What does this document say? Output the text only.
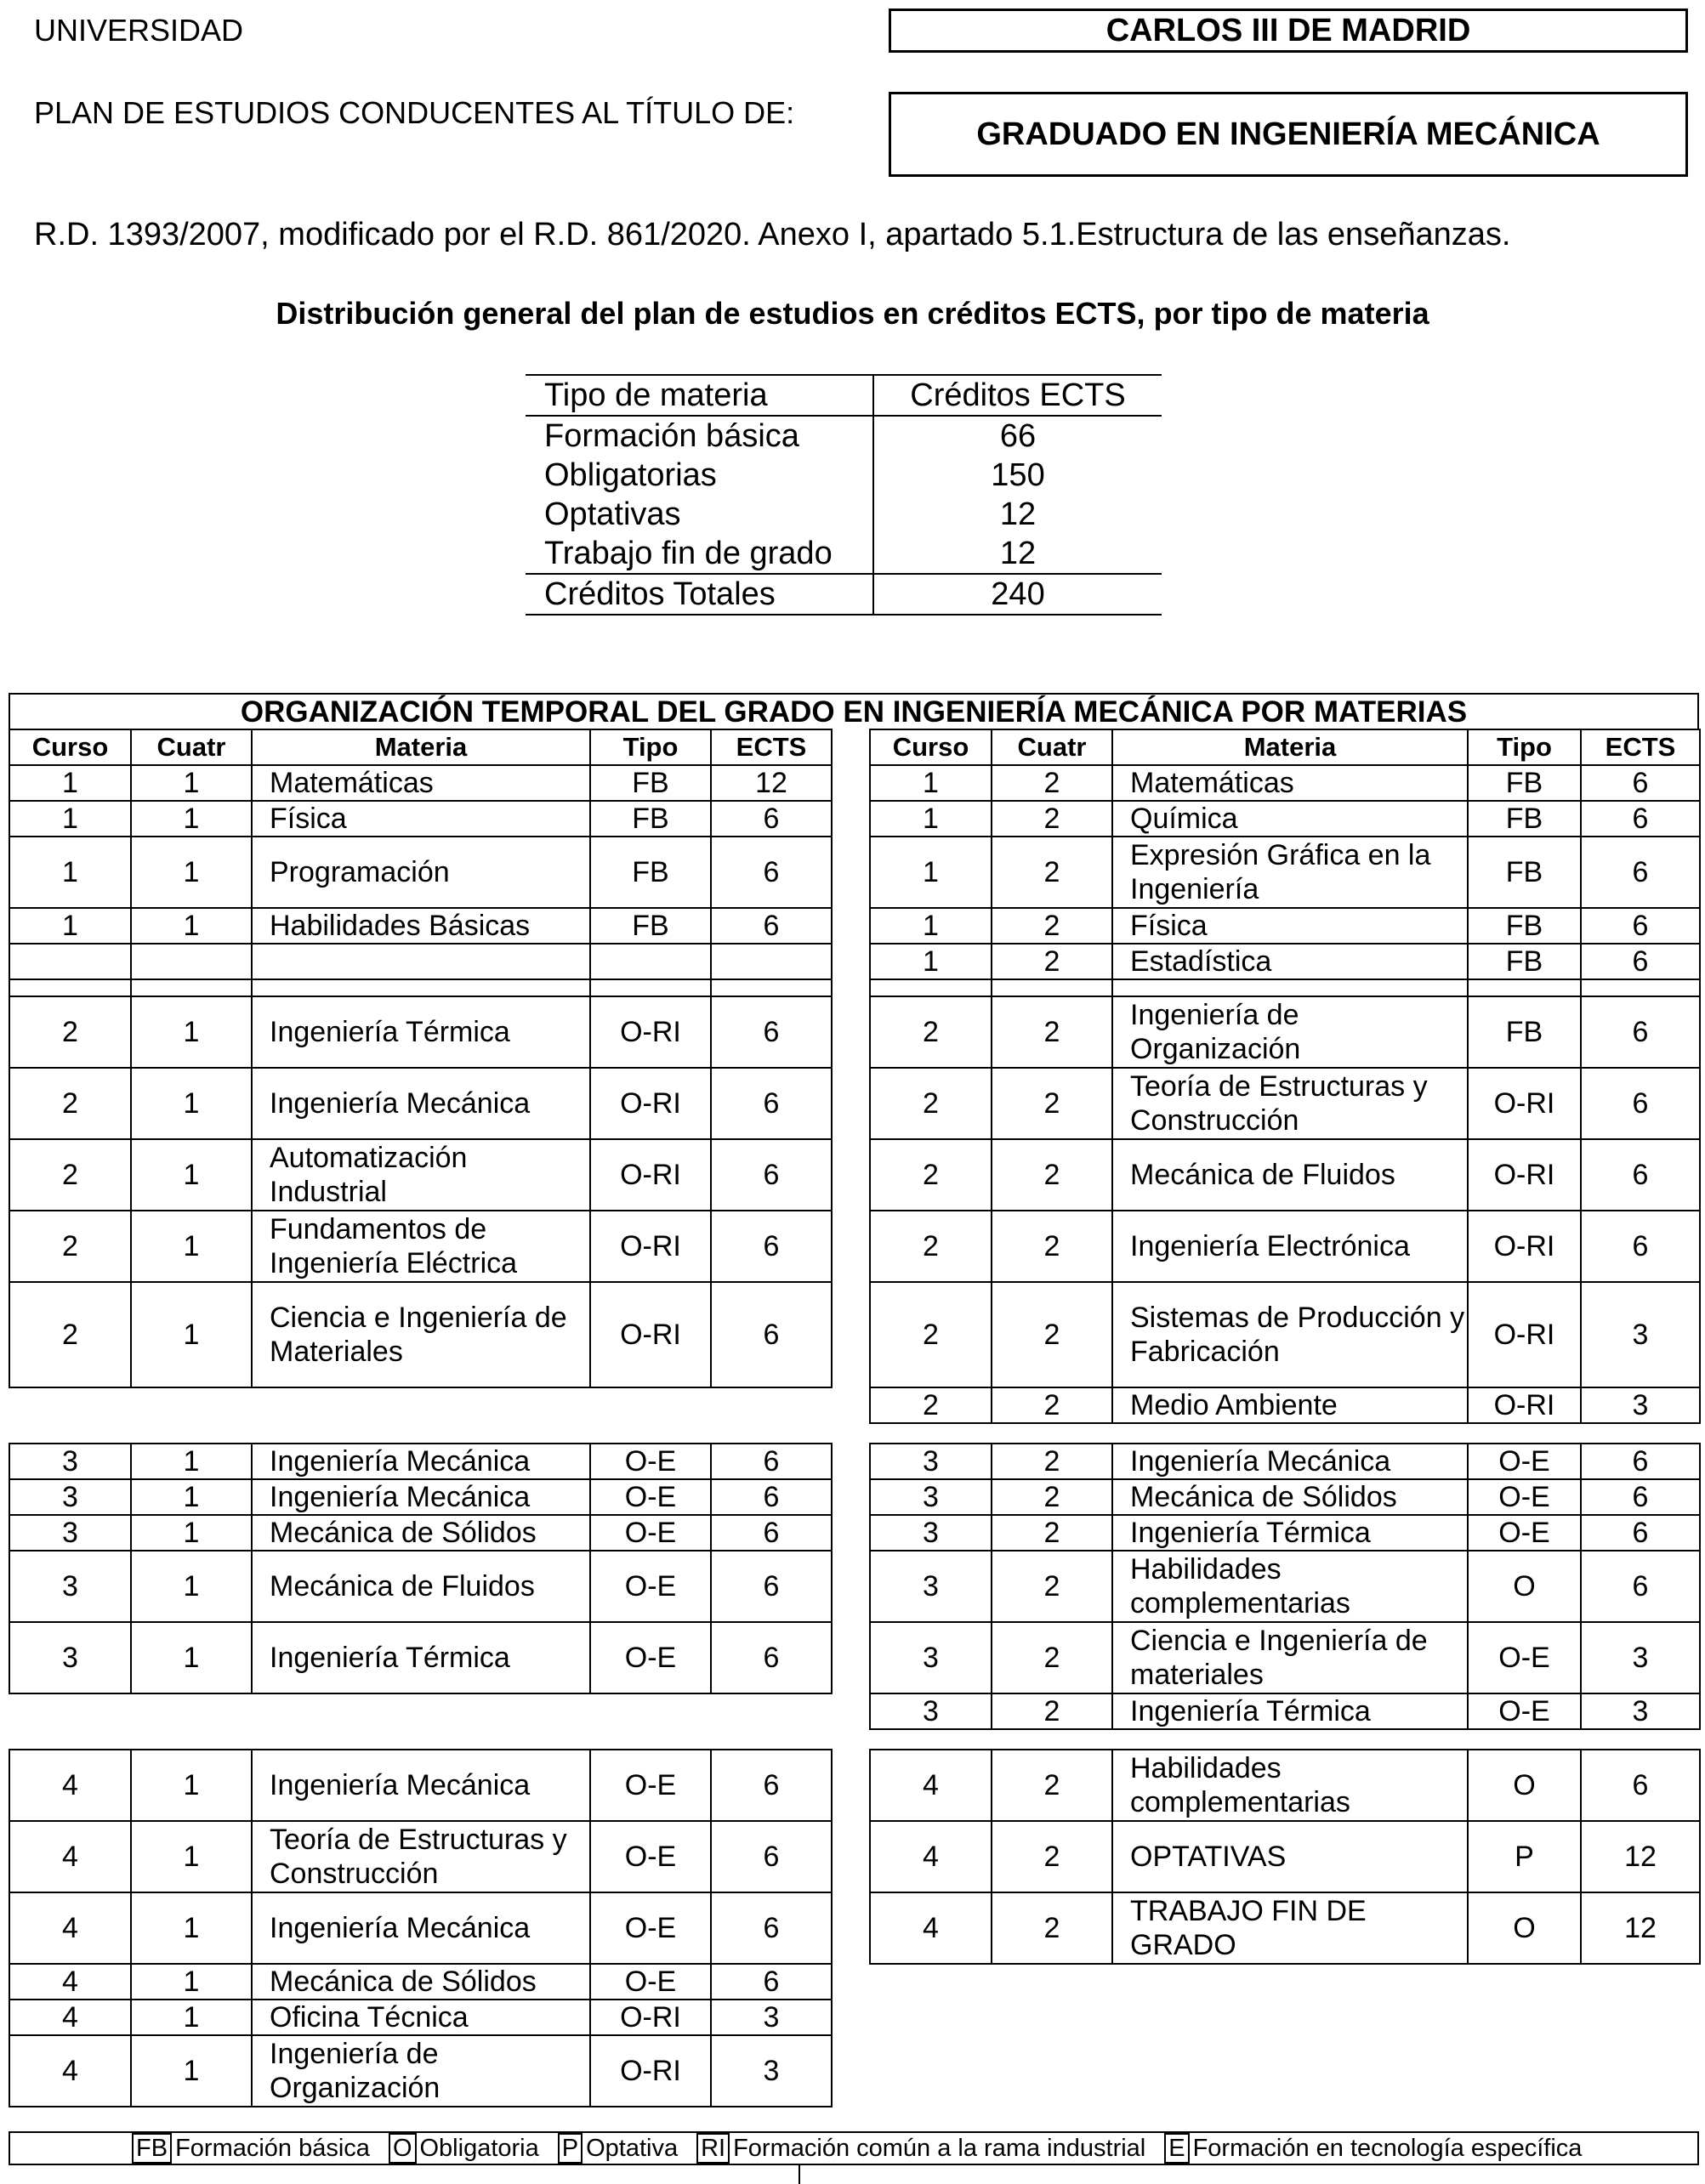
UNIVERSIDAD	CARLOS III DE MADRID
PLAN DE ESTUDIOS CONDUCENTES AL TÍTULO DE:
GRADUADO EN INGENIERÍA MECÁNICA
R.D. 1393/2007, modificado por el R.D. 861/2020. Anexo I, apartado 5.1.Estructura de las enseñanzas.
Distribución general del plan de estudios en créditos ECTS, por tipo de materia
Tipo de materia	Créditos ECTS
Formación básica	66
Obligatorias	150
Optativas	12
Trabajo fin de grado	12
Créditos Totales	240
ORGANIZACIÓN TEMPORAL DEL GRADO EN INGENIERÍA MECÁNICA POR MATERIAS
Curso	Cuatr	Materia	Tipo	ECTS		Curso	Cuatr	Materia	Tipo	ECTS
1	1	Matemáticas	FB	12		1	2	Matemáticas	FB	6
1	1	Física	FB	6		1	2	Química	FB	6
1	1	Programación	FB	6		1	2	Expresión Gráfica en la Ingeniería	FB	6
1	1	Habilidades Básicas	FB	6		1	2	Física	FB	6
						1	2	Estadística	FB	6

2	1	Ingeniería Térmica	O-RI	6		2	2	Ingeniería de Organización	FB	6
2	1	Ingeniería Mecánica	O-RI	6		2	2	Teoría de Estructuras y Construcción	O-RI	6
2	1	Automatización Industrial	O-RI	6		2	2	Mecánica de Fluidos	O-RI	6
2	1	Fundamentos de Ingeniería Eléctrica	O-RI	6		2	2	Ingeniería Electrónica	O-RI	6
2	1	Ciencia e Ingeniería de Materiales	O-RI	6		2	2	Sistemas de Producción y Fabricación	O-RI	3
						2	2	Medio Ambiente	O-RI	3

3	1	Ingeniería Mecánica	O-E	6		3	2	Ingeniería Mecánica	O-E	6
3	1	Ingeniería Mecánica	O-E	6		3	2	Mecánica de Sólidos	O-E	6
3	1	Mecánica de Sólidos	O-E	6		3	2	Ingeniería Térmica	O-E	6
3	1	Mecánica de Fluidos	O-E	6		3	2	Habilidades complementarias	O	6
3	1	Ingeniería Térmica	O-E	6		3	2	Ciencia e Ingeniería de materiales	O-E	3
						3	2	Ingeniería Térmica	O-E	3

4	1	Ingeniería Mecánica	O-E	6		4	2	Habilidades complementarias	O	6
4	1	Teoría de Estructuras y Construcción	O-E	6		4	2	OPTATIVAS	P	12
4	1	Ingeniería Mecánica	O-E	6		4	2	TRABAJO FIN DE GRADO	O	12
4	1	Mecánica de Sólidos	O-E	6						
4	1	Oficina Técnica	O-RI	3						
4	1	Ingeniería de Organización	O-RI	3						
FB Formación básica O Obligatoria P Optativa RI Formación común a la rama industrial E Formación en tecnología específica
